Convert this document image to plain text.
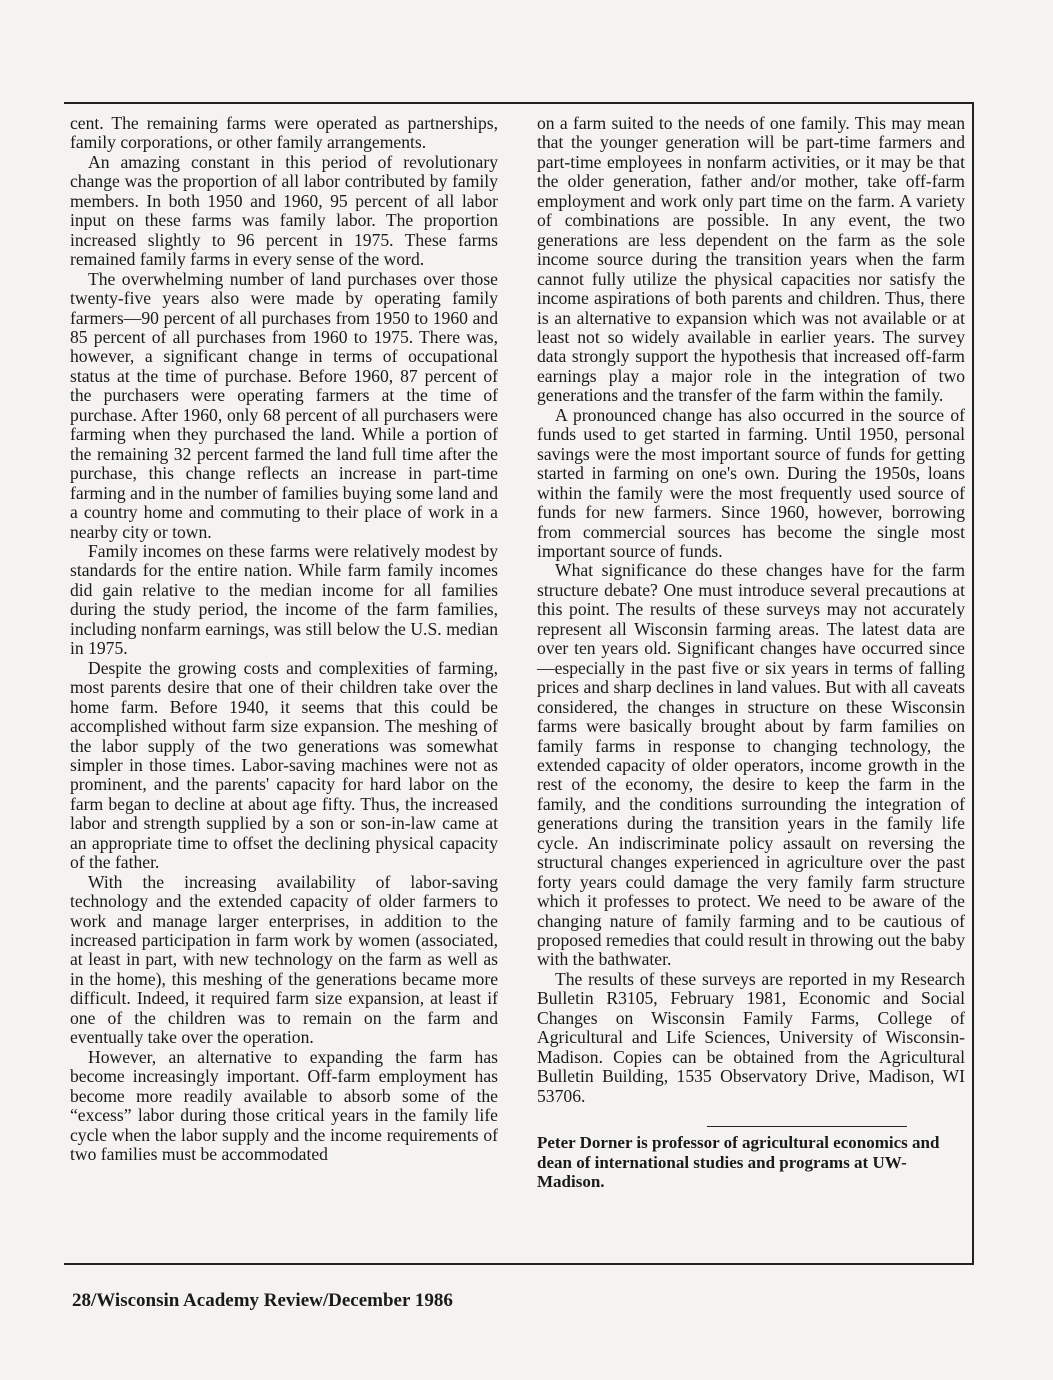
cent. The remaining farms were operated as partnerships, family corporations, or other family arrangements.

An amazing constant in this period of revolutionary change was the proportion of all labor contributed by family members. In both 1950 and 1960, 95 percent of all labor input on these farms was family labor. The proportion increased slightly to 96 percent in 1975. These farms remained family farms in every sense of the word.

The overwhelming number of land purchases over those twenty-five years also were made by operating family farmers—90 percent of all purchases from 1950 to 1960 and 85 percent of all purchases from 1960 to 1975. There was, however, a significant change in terms of occupational status at the time of purchase. Before 1960, 87 percent of the purchasers were operating farmers at the time of purchase. After 1960, only 68 percent of all purchasers were farming when they purchased the land. While a portion of the remaining 32 percent farmed the land full time after the purchase, this change reflects an increase in part-time farming and in the number of families buying some land and a country home and commuting to their place of work in a nearby city or town.

Family incomes on these farms were relatively modest by standards for the entire nation. While farm family incomes did gain relative to the median income for all families during the study period, the income of the farm families, including nonfarm earnings, was still below the U.S. median in 1975.

Despite the growing costs and complexities of farming, most parents desire that one of their children take over the home farm. Before 1940, it seems that this could be accomplished without farm size expansion. The meshing of the labor supply of the two generations was somewhat simpler in those times. Labor-saving machines were not as prominent, and the parents' capacity for hard labor on the farm began to decline at about age fifty. Thus, the increased labor and strength supplied by a son or son-in-law came at an appropriate time to offset the declining physical capacity of the father.

With the increasing availability of labor-saving technology and the extended capacity of older farmers to work and manage larger enterprises, in addition to the increased participation in farm work by women (associated, at least in part, with new technology on the farm as well as in the home), this meshing of the generations became more difficult. Indeed, it required farm size expansion, at least if one of the children was to remain on the farm and eventually take over the operation.

However, an alternative to expanding the farm has become increasingly important. Off-farm employment has become more readily available to absorb some of the “excess” labor during those critical years in the family life cycle when the labor supply and the income requirements of two families must be accommodated

on a farm suited to the needs of one family. This may mean that the younger generation will be part-time farmers and part-time employees in nonfarm activities, or it may be that the older generation, father and/or mother, take off-farm employment and work only part time on the farm. A variety of combinations are possible. In any event, the two generations are less dependent on the farm as the sole income source during the transition years when the farm cannot fully utilize the physical capacities nor satisfy the income aspirations of both parents and children. Thus, there is an alternative to expansion which was not available or at least not so widely available in earlier years. The survey data strongly support the hypothesis that increased off-farm earnings play a major role in the integration of two generations and the transfer of the farm within the family.

A pronounced change has also occurred in the source of funds used to get started in farming. Until 1950, personal savings were the most important source of funds for getting started in farming on one's own. During the 1950s, loans within the family were the most frequently used source of funds for new farmers. Since 1960, however, borrowing from commercial sources has become the single most important source of funds.

What significance do these changes have for the farm structure debate? One must introduce several precautions at this point. The results of these surveys may not accurately represent all Wisconsin farming areas. The latest data are over ten years old. Significant changes have occurred since—especially in the past five or six years in terms of falling prices and sharp declines in land values. But with all caveats considered, the changes in structure on these Wisconsin farms were basically brought about by farm families on family farms in response to changing technology, the extended capacity of older operators, income growth in the rest of the economy, the desire to keep the farm in the family, and the conditions surrounding the integration of generations during the transition years in the family life cycle. An indiscriminate policy assault on reversing the structural changes experienced in agriculture over the past forty years could damage the very family farm structure which it professes to protect. We need to be aware of the changing nature of family farming and to be cautious of proposed remedies that could result in throwing out the baby with the bathwater.

The results of these surveys are reported in my Research Bulletin R3105, February 1981, Economic and Social Changes on Wisconsin Family Farms, College of Agricultural and Life Sciences, University of Wisconsin-Madison. Copies can be obtained from the Agricultural Bulletin Building, 1535 Observatory Drive, Madison, WI 53706.

Peter Dorner is professor of agricultural economics and dean of international studies and programs at UW-Madison.

28/Wisconsin Academy Review/December 1986
